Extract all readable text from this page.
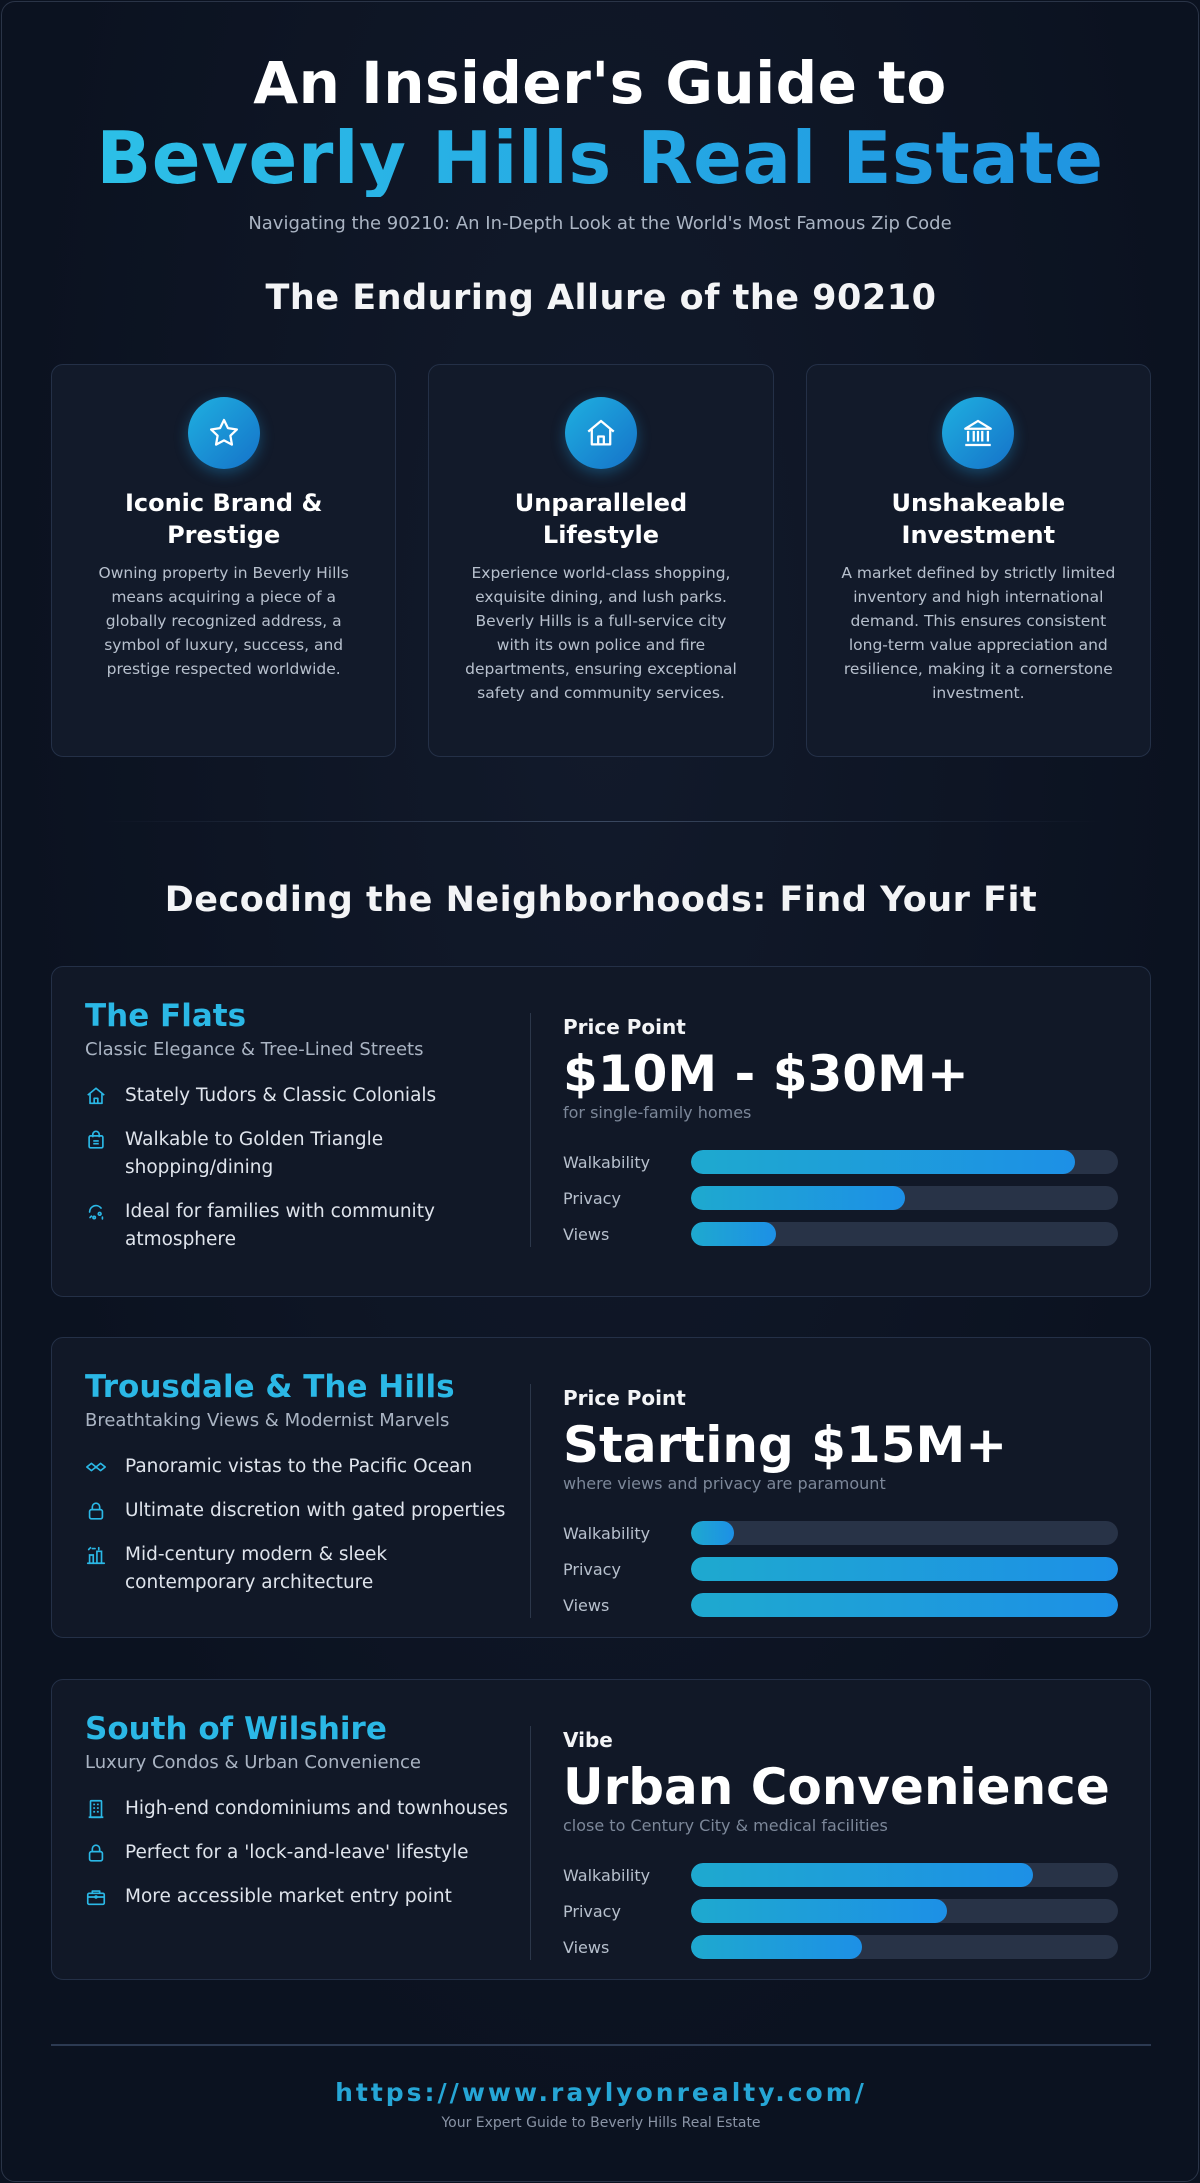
An Insider's Guide to
Beverly Hills Real Estate

Navigating the 90210: An In-Depth Look at the World's Most Famous Zip Code

The Enduring Allure of the 90210
Iconic Brand & Prestige

Owning property in Beverly Hills means acquiring a piece of a globally recognized address, a symbol of luxury, success, and prestige respected worldwide.

Unparalleled Lifestyle

Experience world-class shopping, exquisite dining, and lush parks. Beverly Hills is a full-service city with its own police and fire departments, ensuring exceptional safety and community services.

Unshakeable Investment

A market defined by strictly limited inventory and high international demand. This ensures consistent long-term value appreciation and resilience, making it a cornerstone investment.

Decoding the Neighborhoods: Find Your Fit
The Flats

Classic Elegance & Tree-Lined Streets

Stately Tudors & Classic Colonials
Walkable to Golden Triangle shopping/dining
Ideal for families with community atmosphere

Price Point

$10M - $30M+

for single-family homes

Walkability
Privacy
Views
Trousdale & The Hills

Breathtaking Views & Modernist Marvels

Panoramic vistas to the Pacific Ocean
Ultimate discretion with gated properties
Mid-century modern & sleek contemporary architecture

Price Point

Starting $15M+

where views and privacy are paramount

Walkability
Privacy
Views
South of Wilshire

Luxury Condos & Urban Convenience

High-end condominiums and townhouses
Perfect for a 'lock-and-leave' lifestyle
More accessible market entry point

Vibe

Urban Convenience

close to Century City & medical facilities

Walkability
Privacy
Views

https://www.raylyonrealty.com/

Your Expert Guide to Beverly Hills Real Estate
